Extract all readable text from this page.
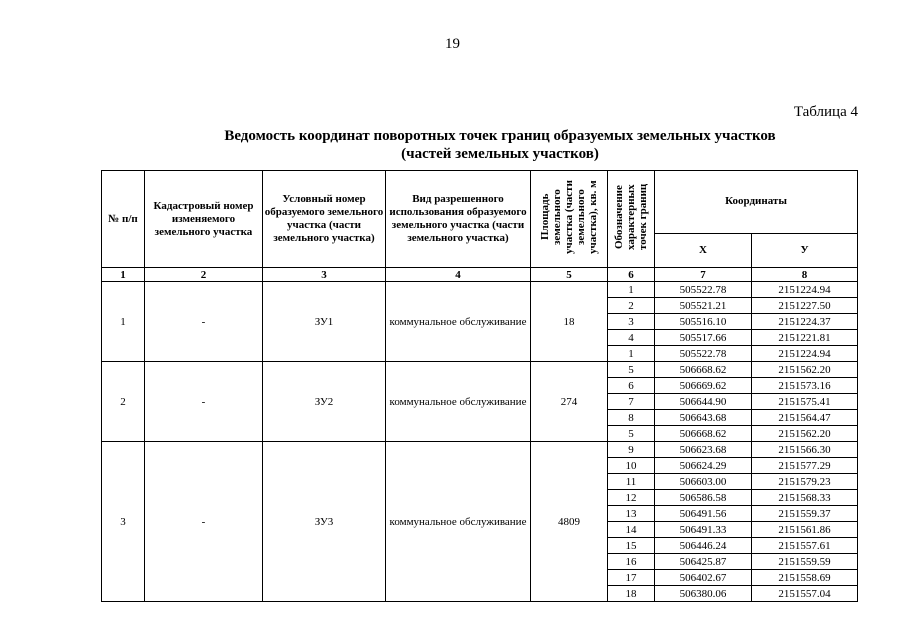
19
Таблица 4
Ведомость координат поворотных точек границ образуемых земельных участков
(частей земельных участков)
№ п/п	Кадастровый номер изменяемого земельного участка	Условный номер образуемого земельного участка (части земельного участка)	Вид разрешенного использования образуемого земельного участка (части земельного участка)	Площадь земельного участка (части земельного участка), кв. м	Обозначение характерных точек границ	Координаты	
						Х	У
1	2	3	4	5	6	7	8
1	-	ЗУ1	коммунальное обслуживание	18	1	505522.78	2151224.94
					2	505521.21	2151227.50
					3	505516.10	2151224.37
					4	505517.66	2151221.81
					1	505522.78	2151224.94
2	-	ЗУ2	коммунальное обслуживание	274	5	506668.62	2151562.20
					6	506669.62	2151573.16
					7	506644.90	2151575.41
					8	506643.68	2151564.47
					5	506668.62	2151562.20
3	-	ЗУ3	коммунальное обслуживание	4809	9	506623.68	2151566.30
					10	506624.29	2151577.29
					11	506603.00	2151579.23
					12	506586.58	2151568.33
					13	506491.56	2151559.37
					14	506491.33	2151561.86
					15	506446.24	2151557.61
					16	506425.87	2151559.59
					17	506402.67	2151558.69
					18	506380.06	2151557.04
